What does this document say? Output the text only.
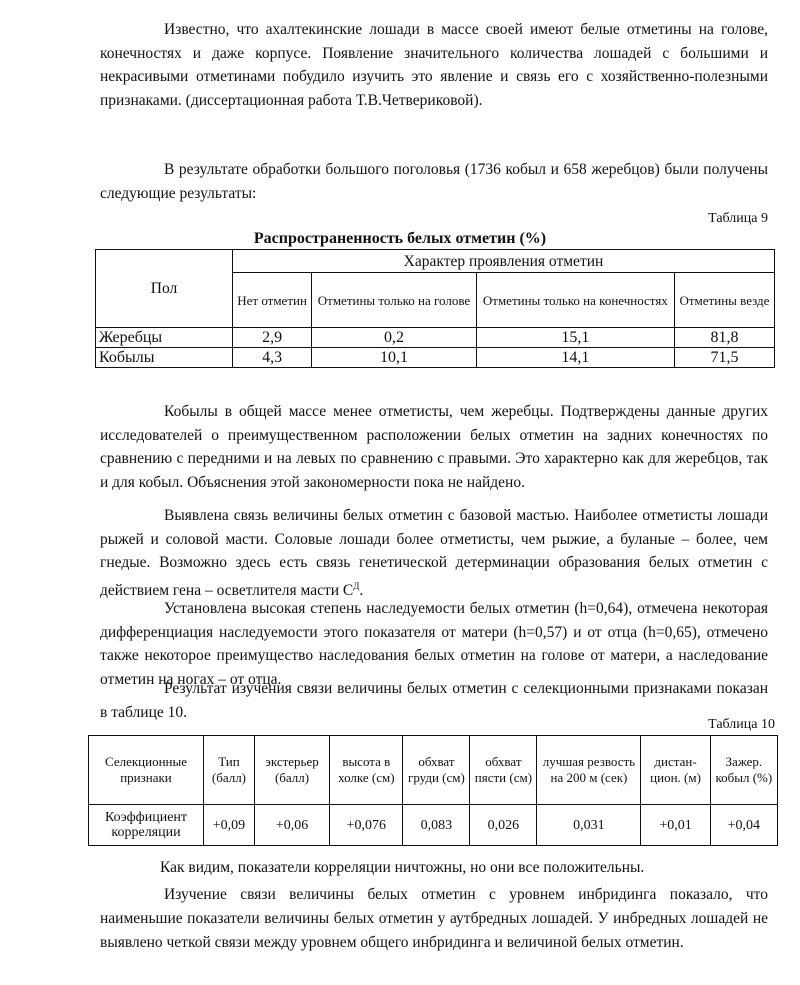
Известно, что ахалтекинские лошади в массе своей имеют белые отметины на голове, конечностях и даже корпусе. Появление значительного количества лошадей с большими и некрасивыми отметинами побудило изучить это явление и связь его с хозяйственно-полезными признаками. (диссертационная работа Т.В.Четвериковой).
В результате обработки большого поголовья (1736 кобыл и 658 жеребцов) были получены следующие результаты:
Таблица 9
Распространенность белых отметин (%)
Пол	Характер проявления отметин			
	Нет отметин	Отметины только на голове	Отметины только на конечностях	Отметины везде
Жеребцы	2,9	0,2	15,1	81,8
Кобылы	4,3	10,1	14,1	71,5
Кобылы в общей массе менее отметисты, чем жеребцы. Подтверждены данные других исследователей о преимущественном расположении белых отметин на задних конечностях по сравнению с передними и на левых по сравнению с правыми. Это характерно как для жеребцов, так и для кобыл. Объяснения этой закономерности пока не найдено.
Выявлена связь величины белых отметин с базовой мастью. Наиболее отметисты лошади рыжей и соловой масти. Соловые лошади более отметисты, чем рыжие, а буланые – более, чем гнедые. Возможно здесь есть связь генетической детерминации образования белых отметин с действием гена – осветлителя масти $С^Д$.
Установлена высокая степень наследуемости белых отметин (h=0,64), отмечена некоторая дифференциация наследуемости этого показателя от матери (h=0,57) и от отца (h=0,65), отмечено также некоторое преимущество наследования белых отметин на голове от матери, а наследование отметин на ногах – от отца.
Результат изучения связи величины белых отметин с селекционными признаками показан в таблице 10.
Таблица 10
Селекционные признаки	Тип (балл)	экстерьер (балл)	высота в холке (см)	обхват груди (см)	обхват пясти (см)	лучшая резвость на 200 м (сек)	дистан-цион. (м)	Зажер. кобыл (%)
Коэффициент корреляции	+0,09	+0,06	+0,076	0,083	0,026	0,031	+0,01	+0,04
Как видим, показатели корреляции ничтожны, но они все положительны.
Изучение связи величины белых отметин с уровнем инбридинга показало, что наименьшие показатели величины белых отметин у аутбредных лошадей. У инбредных лошадей не выявлено четкой связи между уровнем общего инбридинга и величиной белых отметин.
